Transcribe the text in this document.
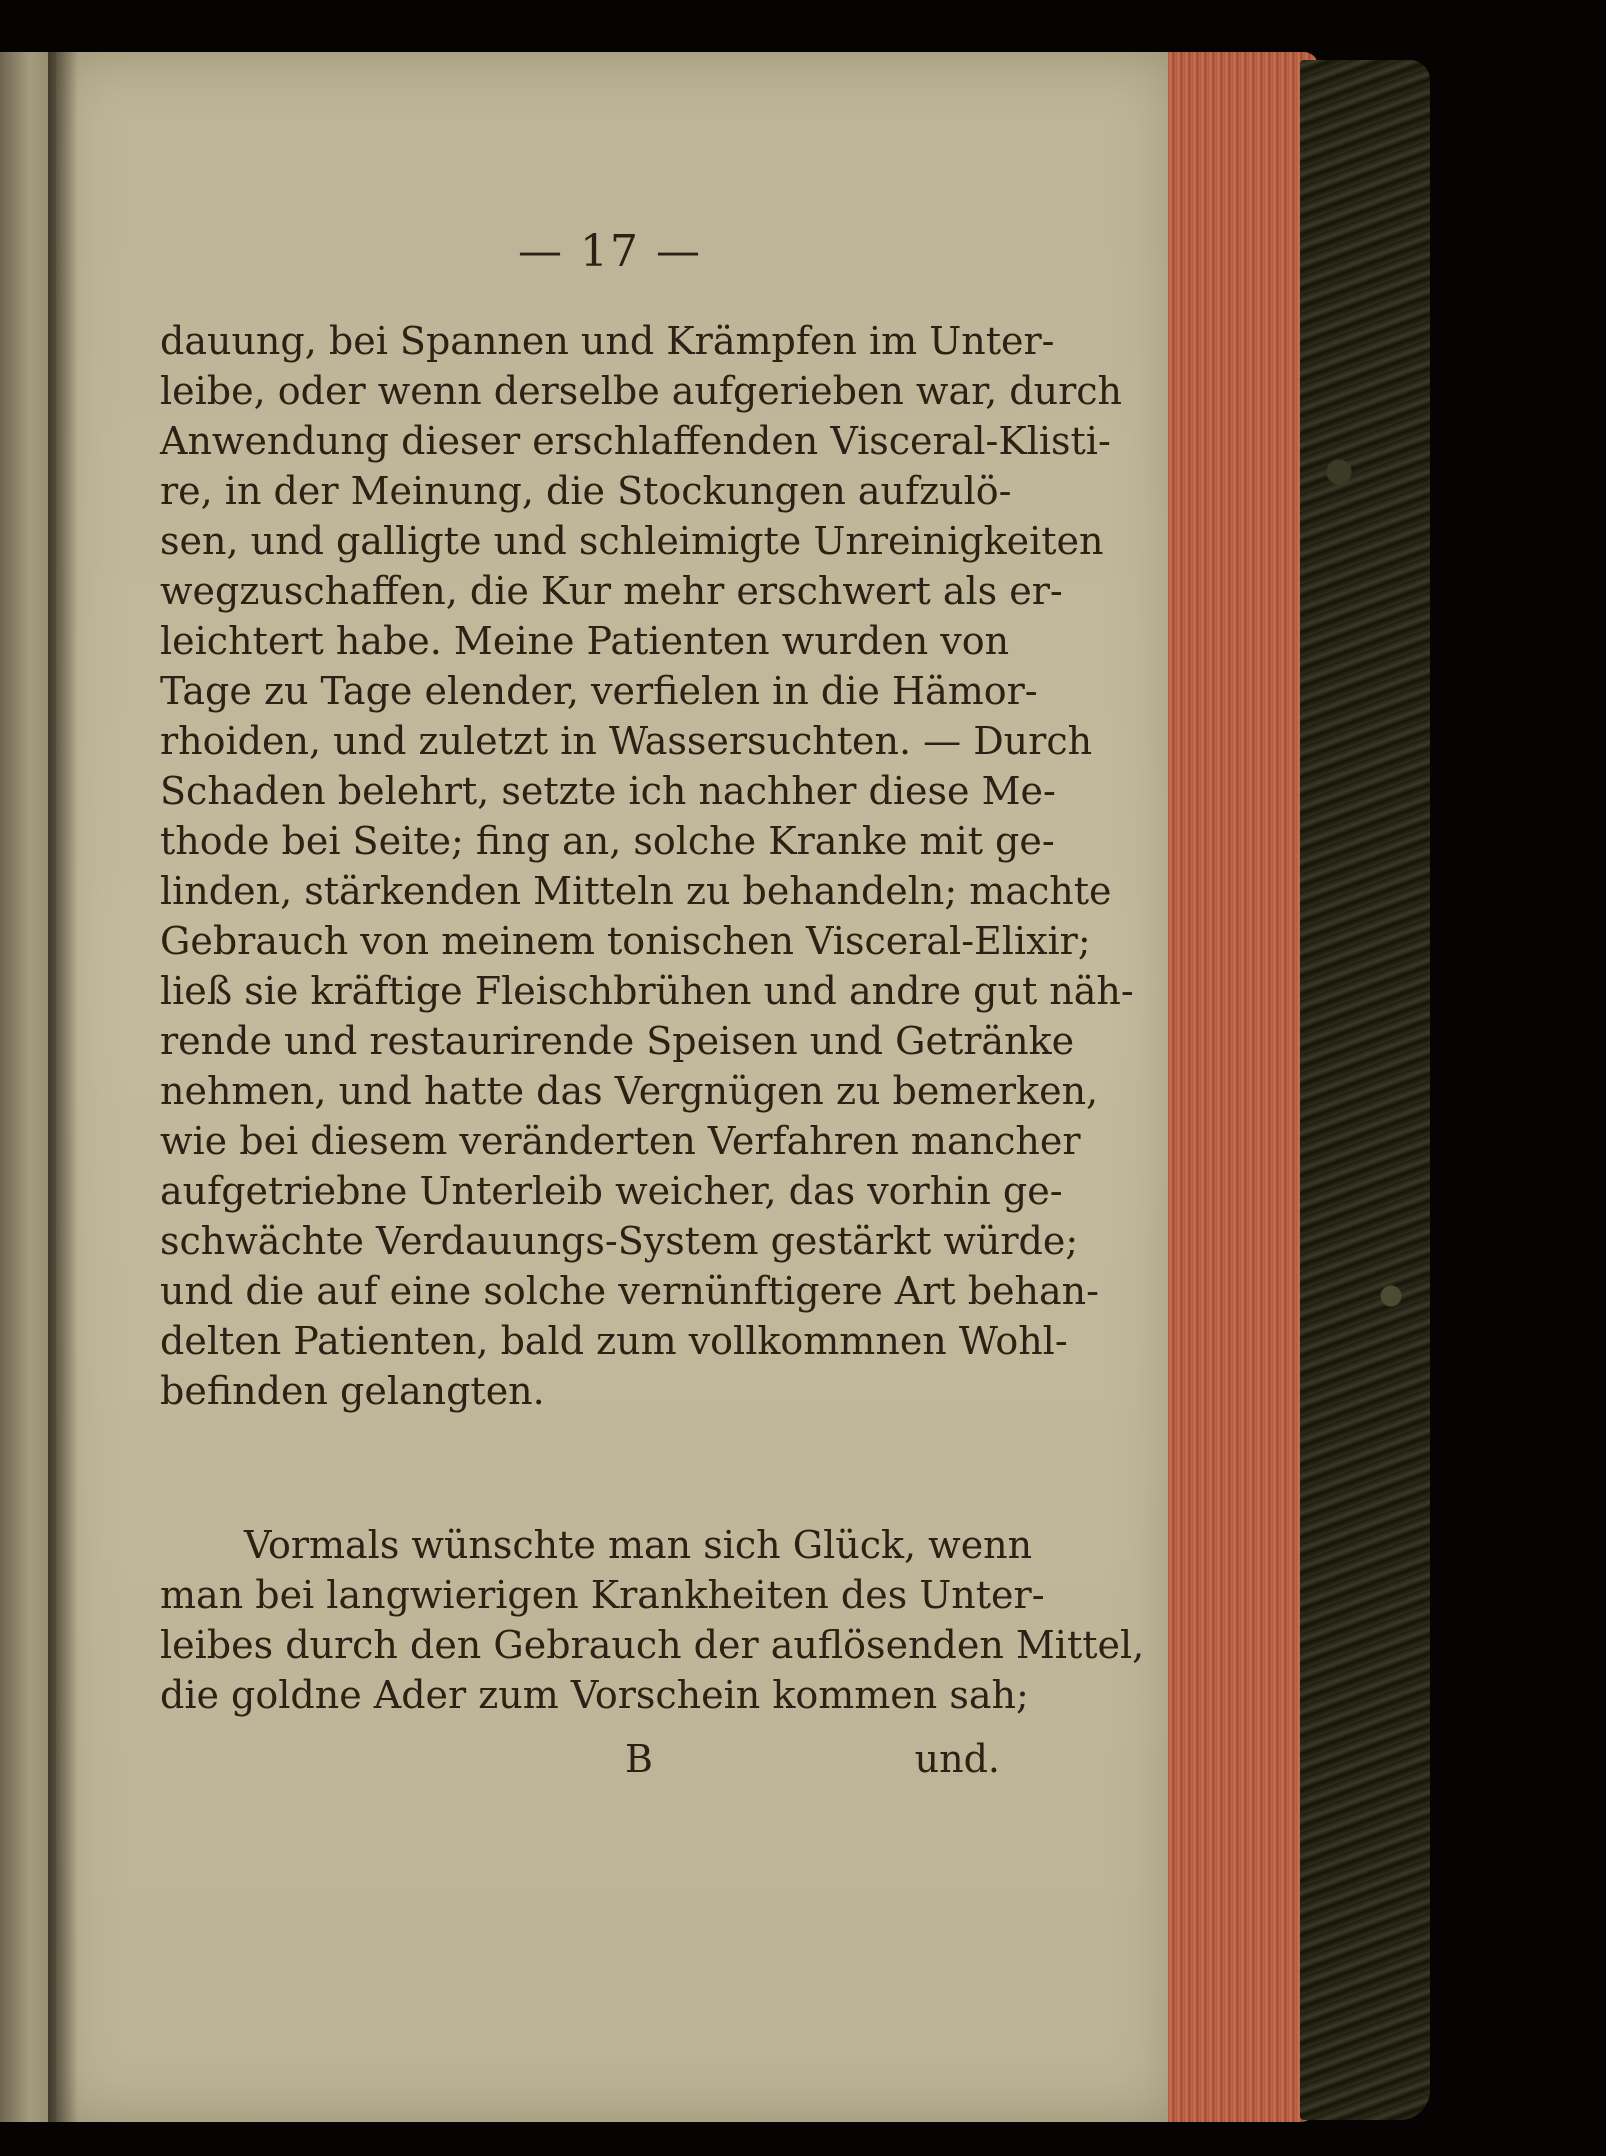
— 17 —
dauung, bei Spannen und Krämpfen im Unter-
leibe, oder wenn derselbe aufgerieben war, durch
Anwendung dieser erschlaffenden Visceral-Klisti-
re, in der Meinung, die Stockungen aufzulö-
sen, und galligte und schleimigte Unreinigkeiten
wegzuschaffen, die Kur mehr erschwert als er-
leichtert habe. Meine Patienten wurden von
Tage zu Tage elender, verfielen in die Hämor-
rhoiden, und zuletzt in Wassersuchten. — Durch
Schaden belehrt, setzte ich nachher diese Me-
thode bei Seite; fing an, solche Kranke mit ge-
linden, stärkenden Mitteln zu behandeln; machte
Gebrauch von meinem tonischen Visceral-Elixir;
ließ sie kräftige Fleischbrühen und andre gut näh-
rende und restaurirende Speisen und Getränke
nehmen, und hatte das Vergnügen zu bemerken,
wie bei diesem veränderten Verfahren mancher
aufgetriebne Unterleib weicher, das vorhin ge-
schwächte Verdauungs-System gestärkt würde;
und die auf eine solche vernünftigere Art behan-
delten Patienten, bald zum vollkommnen Wohl-
befinden gelangten.
Vormals wünschte man sich Glück, wenn
man bei langwierigen Krankheiten des Unter-
leibes durch den Gebrauch der auflösenden Mittel,
die goldne Ader zum Vorschein kommen sah;
B	und.
